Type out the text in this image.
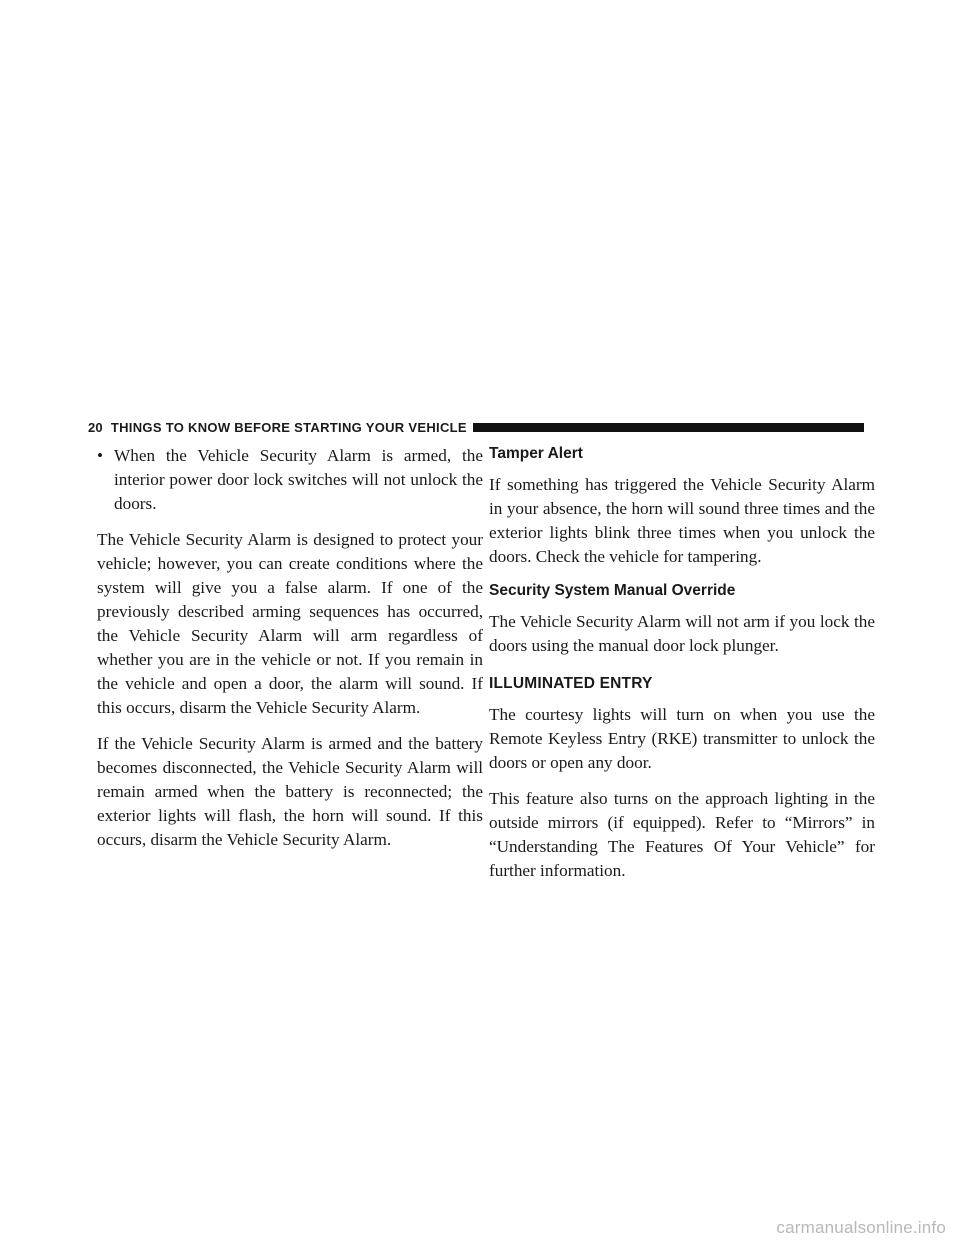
20 THINGS TO KNOW BEFORE STARTING YOUR VEHICLE
• When the Vehicle Security Alarm is armed, the interior power door lock switches will not unlock the doors.

The Vehicle Security Alarm is designed to protect your vehicle; however, you can create conditions where the system will give you a false alarm. If one of the previously described arming sequences has occurred, the Vehicle Security Alarm will arm regardless of whether you are in the vehicle or not. If you remain in the vehicle and open a door, the alarm will sound. If this occurs, disarm the Vehicle Security Alarm.

If the Vehicle Security Alarm is armed and the battery becomes disconnected, the Vehicle Security Alarm will remain armed when the battery is reconnected; the exterior lights will flash, the horn will sound. If this occurs, disarm the Vehicle Security Alarm.

Tamper Alert

If something has triggered the Vehicle Security Alarm in your absence, the horn will sound three times and the exterior lights blink three times when you unlock the doors. Check the vehicle for tampering.

Security System Manual Override

The Vehicle Security Alarm will not arm if you lock the doors using the manual door lock plunger.

ILLUMINATED ENTRY

The courtesy lights will turn on when you use the Remote Keyless Entry (RKE) transmitter to unlock the doors or open any door.

This feature also turns on the approach lighting in the outside mirrors (if equipped). Refer to “Mirrors” in “Understanding The Features Of Your Vehicle” for further information.

carmanualsonline.info
